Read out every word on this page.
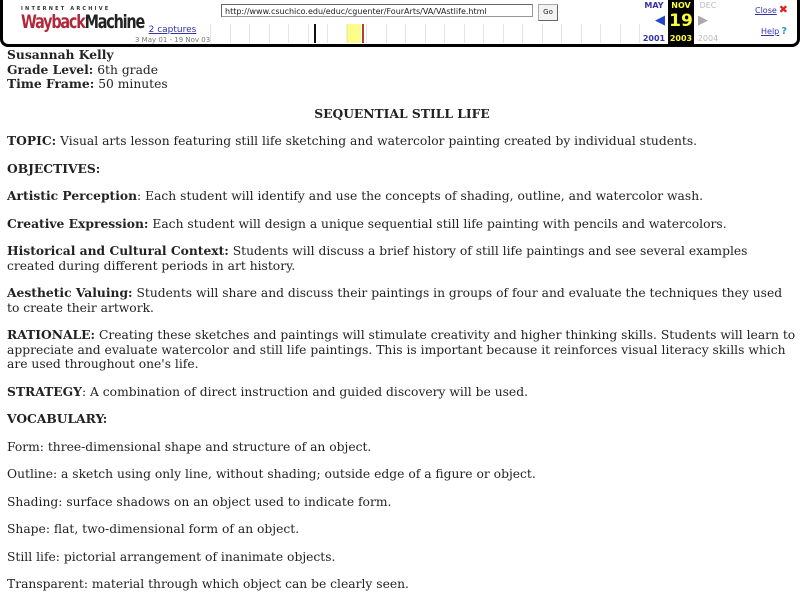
INTERNET ARCHIVE
WaybackMachine 2 captures
3 May 01 - 19 Nov 03
http://www.csuchico.edu/educ/cguenter/FourArts/VA/VAstlife.html	Go
MAY
◀
2001
NOV
19
2003
DEC
▶
2004
Close ✖
Help ?

Susannah Kelly

Grade Level: 6th grade

Time Frame: 50 minutes

SEQUENTIAL STILL LIFE

TOPIC: Visual arts lesson featuring still life sketching and watercolor painting created by individual students.

OBJECTIVES:

Artistic Perception: Each student will identify and use the concepts of shading, outline, and watercolor wash.

Creative Expression: Each student will design a unique sequential still life painting with pencils and watercolors.

Historical and Cultural Context: Students will discuss a brief history of still life paintings and see several examples created during different periods in art history.

Aesthetic Valuing: Students will share and discuss their paintings in groups of four and evaluate the techniques they used to create their artwork.

RATIONALE: Creating these sketches and paintings will stimulate creativity and higher thinking skills. Students will learn to appreciate and evaluate watercolor and still life paintings. This is important because it reinforces visual literacy skills which are used throughout one's life.

STRATEGY: A combination of direct instruction and guided discovery will be used.

VOCABULARY:

Form: three-dimensional shape and structure of an object.

Outline: a sketch using only line, without shading; outside edge of a figure or object.

Shading: surface shadows on an object used to indicate form.

Shape: flat, two-dimensional form of an object.

Still life: pictorial arrangement of inanimate objects.

Transparent: material through which object can be clearly seen.
